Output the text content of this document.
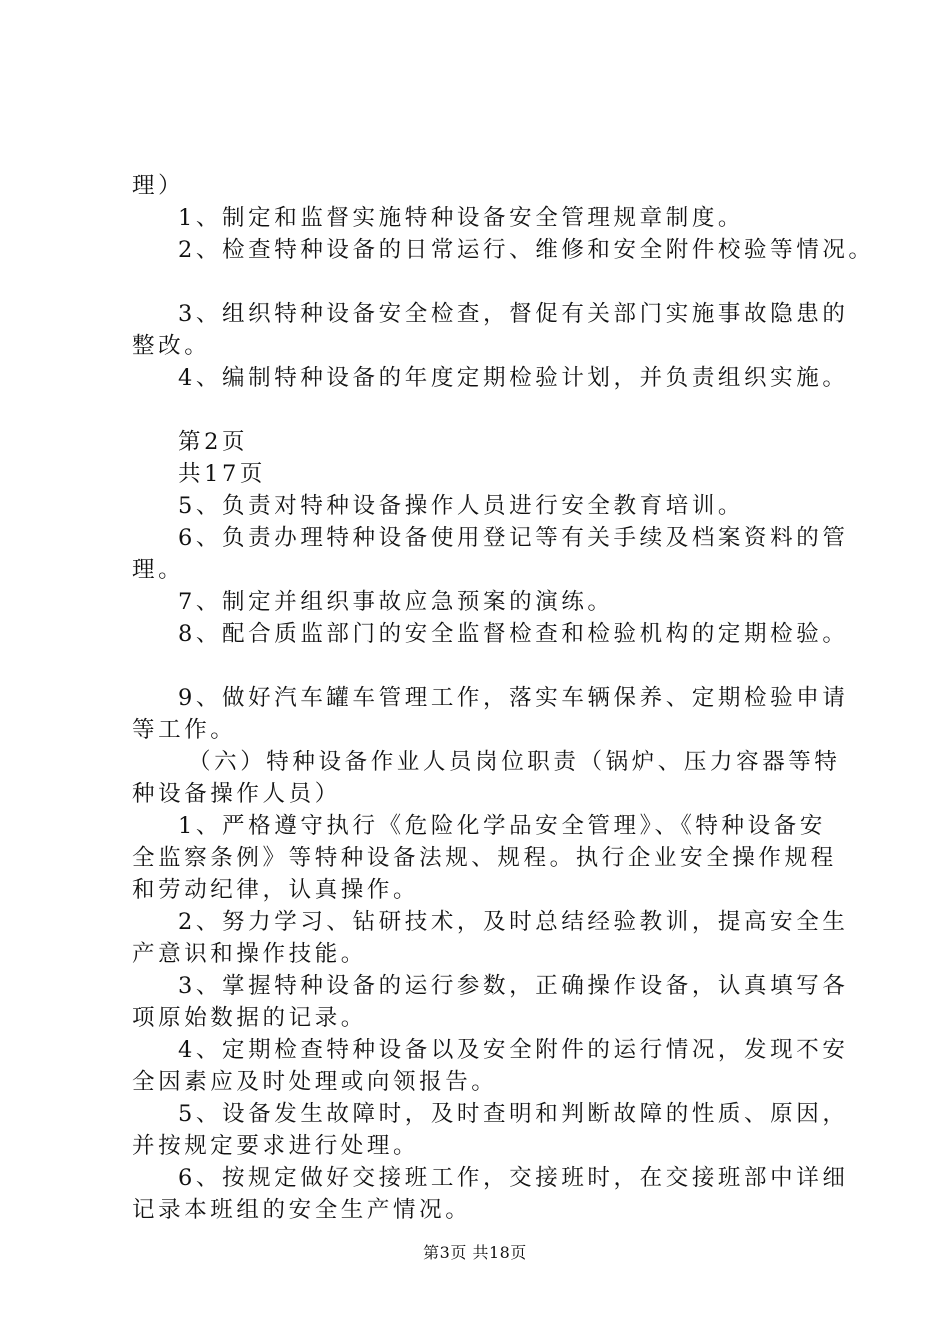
理）
1、制定和监督实施特种设备安全管理规章制度。
2、检查特种设备的日常运行、维修和安全附件校验等情况。
3、组织特种设备安全检查，督促有关部门实施事故隐患的
整改。
4、编制特种设备的年度定期检验计划，并负责组织实施。
第2页
共17页
5、负责对特种设备操作人员进行安全教育培训。
6、负责办理特种设备使用登记等有关手续及档案资料的管
理。
7、制定并组织事故应急预案的演练。
8、配合质监部门的安全监督检查和检验机构的定期检验。
9、做好汽车罐车管理工作，落实车辆保养、定期检验申请
等工作。
（六）特种设备作业人员岗位职责（锅炉、压力容器等特
种设备操作人员）
1、严格遵守执行《危险化学品安全管理》、《特种设备安
全监察条例》等特种设备法规、规程。执行企业安全操作规程
和劳动纪律，认真操作。
2、努力学习、钻研技术，及时总结经验教训，提高安全生
产意识和操作技能。
3、掌握特种设备的运行参数，正确操作设备，认真填写各
项原始数据的记录。
4、定期检查特种设备以及安全附件的运行情况，发现不安
全因素应及时处理或向领报告。
5、设备发生故障时，及时查明和判断故障的性质、原因，
并按规定要求进行处理。
6、按规定做好交接班工作，交接班时，在交接班部中详细
记录本班组的安全生产情况。
第3页 共18页
